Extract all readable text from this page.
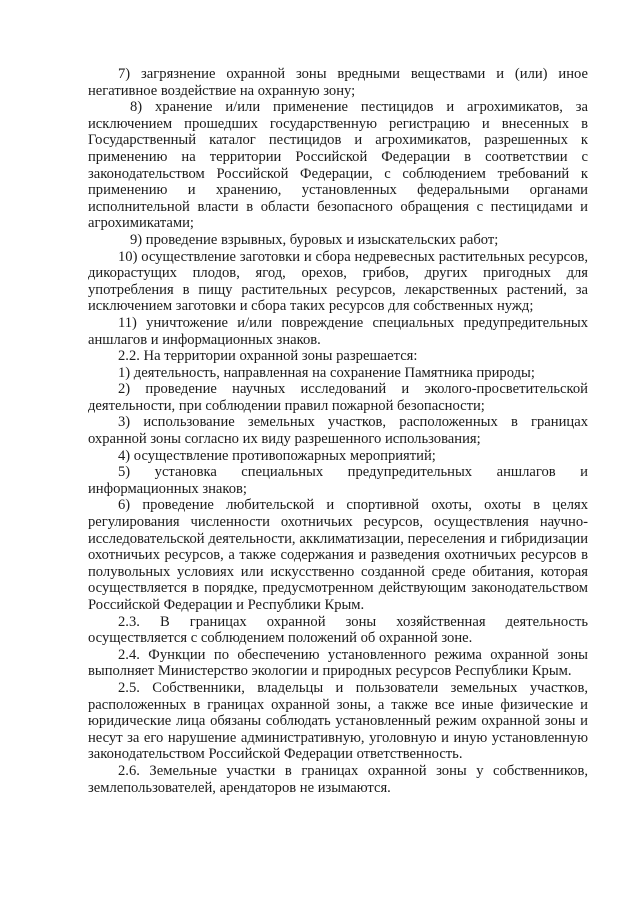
7) загрязнение охранной зоны вредными веществами и (или) иное негативное воздействие на охранную зону;

8) хранение и/или применение пестицидов и агрохимикатов, за исключением прошедших государственную регистрацию и внесенных в Государственный каталог пестицидов и агрохимикатов, разрешенных к применению на территории Российской Федерации в соответствии с законодательством Российской Федерации, с соблюдением требований к применению и хранению, установленных федеральными органами исполнительной власти в области безопасного обращения с пестицидами и агрохимикатами;

9) проведение взрывных, буровых и изыскательских работ;

10) осуществление заготовки и сбора недревесных растительных ресурсов, дикорастущих плодов, ягод, орехов, грибов, других пригодных для употребления в пищу растительных ресурсов, лекарственных растений, за исключением заготовки и сбора таких ресурсов для собственных нужд;

11) уничтожение и/или повреждение специальных предупредительных аншлагов и информационных знаков.

2.2. На территории охранной зоны разрешается:

1) деятельность, направленная на сохранение Памятника природы;

2) проведение научных исследований и эколого-просветительской деятельности, при соблюдении правил пожарной безопасности;

3) использование земельных участков, расположенных в границах охранной зоны согласно их виду разрешенного использования;

4) осуществление противопожарных мероприятий;

5) установка специальных предупредительных аншлагов и информационных знаков;

6) проведение любительской и спортивной охоты, охоты в целях регулирования численности охотничьих ресурсов, осуществления научно-исследовательской деятельности, акклиматизации, переселения и гибридизации охотничьих ресурсов, а также содержания и разведения охотничьих ресурсов в полувольных условиях или искусственно созданной среде обитания, которая осуществляется в порядке, предусмотренном действующим законодательством Российской Федерации и Республики Крым.

2.3. В границах охранной зоны хозяйственная деятельность осуществляется с соблюдением положений об охранной зоне.

2.4. Функции по обеспечению установленного режима охранной зоны выполняет Министерство экологии и природных ресурсов Республики Крым.

2.5. Собственники, владельцы и пользователи земельных участков, расположенных в границах охранной зоны, а также все иные физические и юридические лица обязаны соблюдать установленный режим охранной зоны и несут за его нарушение административную, уголовную и иную установленную законодательством Российской Федерации ответственность.

2.6. Земельные участки в границах охранной зоны у собственников, землепользователей, арендаторов не изымаются.
